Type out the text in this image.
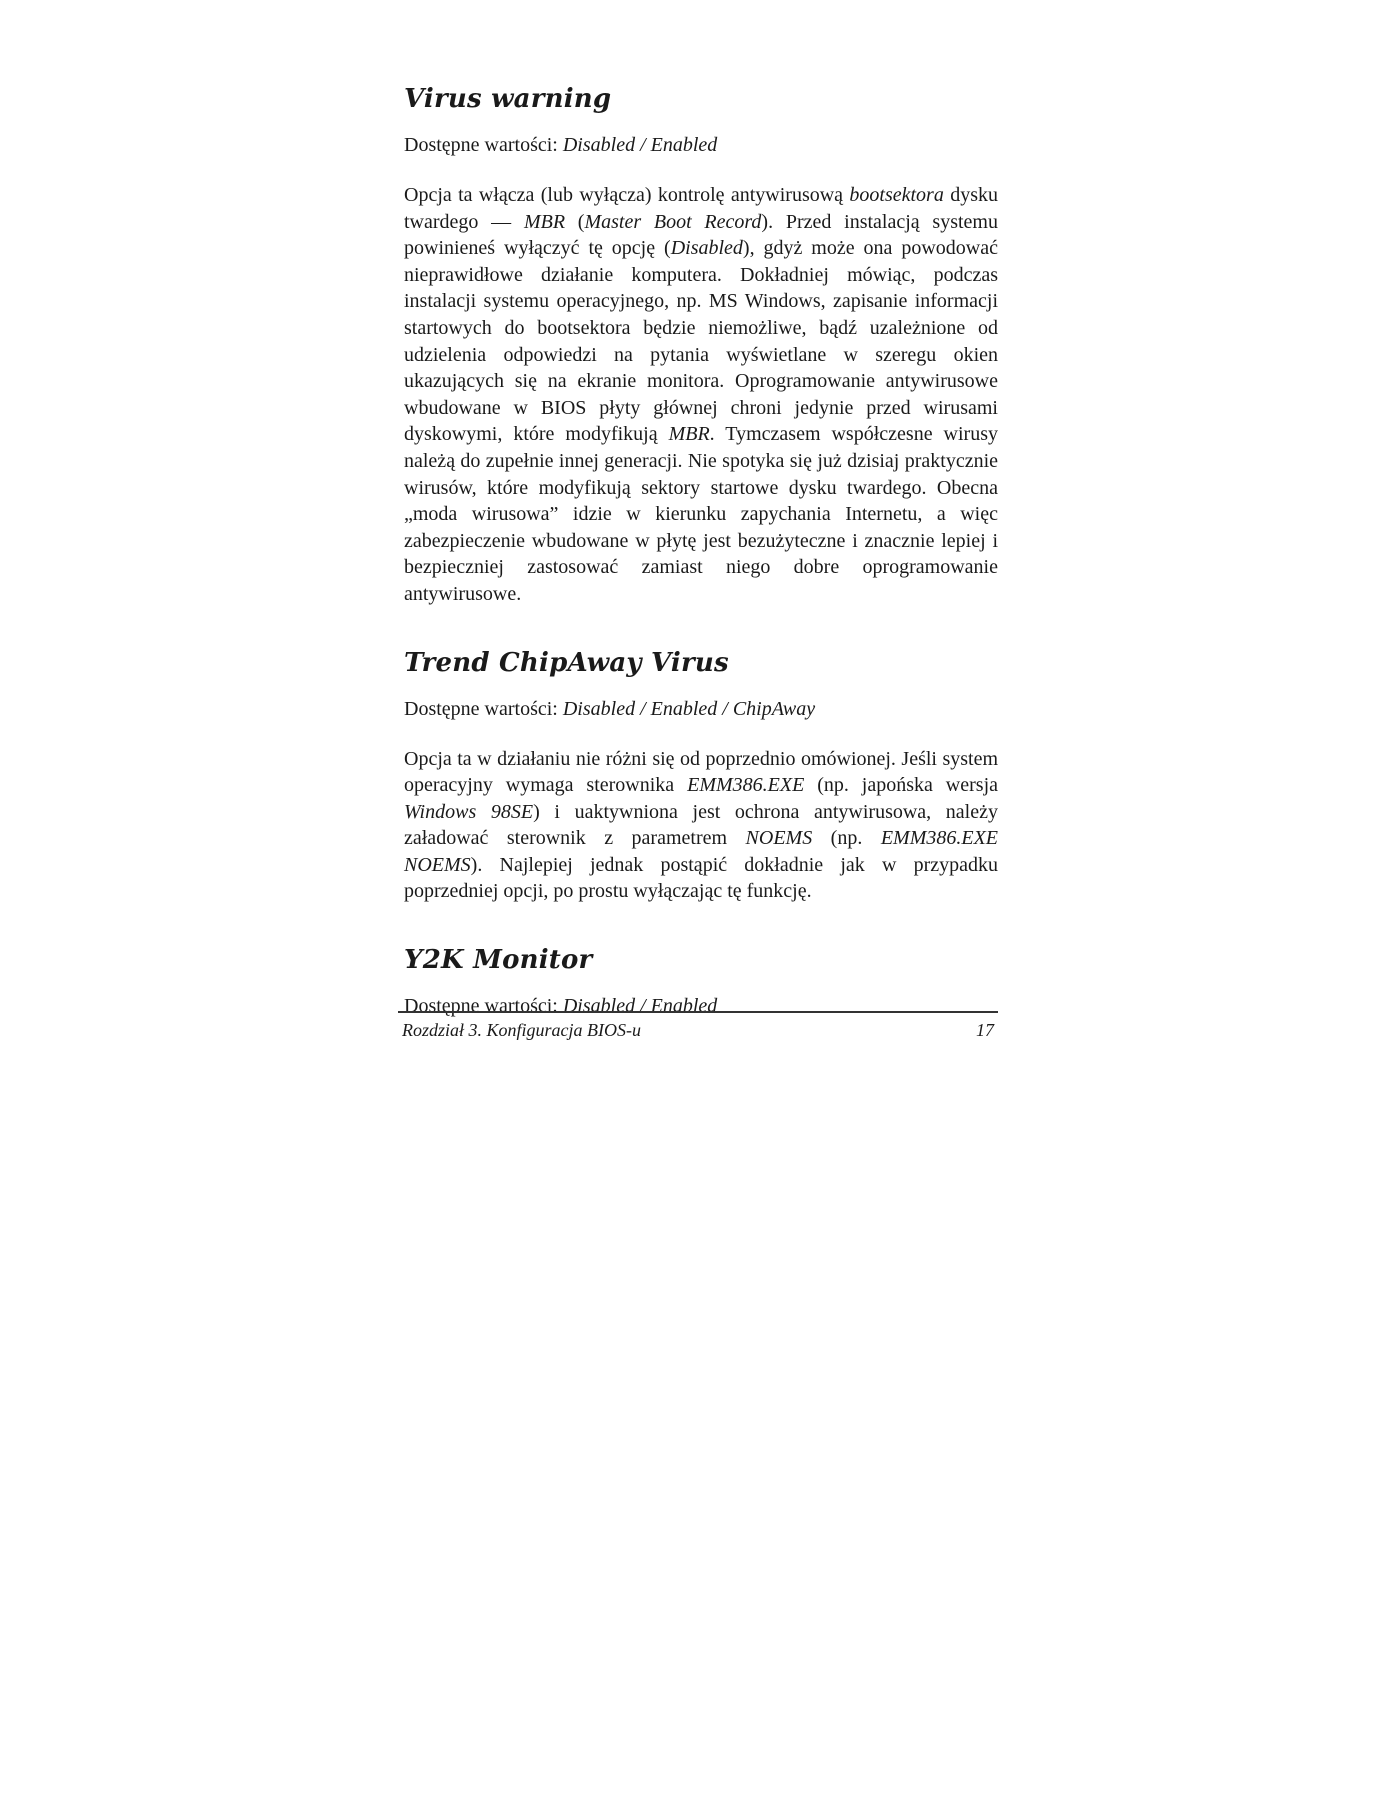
Virus warning

Dostępne wartości: Disabled / Enabled

Opcja ta włącza (lub wyłącza) kontrolę antywirusową bootsektora dysku twardego — MBR (Master Boot Record). Przed instalacją systemu powinieneś wyłączyć tę opcję (Disabled), gdyż może ona powodować nieprawidłowe działanie komputera. Dokładniej mówiąc, podczas instalacji systemu operacyjnego, np. MS Windows, zapisanie informacji startowych do bootsektora będzie niemożliwe, bądź uzależnione od udzielenia odpowiedzi na pytania wyświetlane w szeregu okien ukazujących się na ekranie monitora. Oprogramowanie antywirusowe wbudowane w BIOS płyty głównej chroni jedynie przed wirusami dyskowymi, które modyfikują MBR. Tymczasem współczesne wirusy należą do zupełnie innej generacji. Nie spotyka się już dzisiaj praktycznie wirusów, które modyfikują sektory startowe dysku twardego. Obecna „moda wirusowa” idzie w kierunku zapychania Internetu, a więc zabezpieczenie wbudowane w płytę jest bezużyteczne i znacznie lepiej i bezpieczniej zastosować zamiast niego dobre oprogramowanie antywirusowe.

Trend ChipAway Virus

Dostępne wartości: Disabled / Enabled / ChipAway

Opcja ta w działaniu nie różni się od poprzednio omówionej. Jeśli system operacyjny wymaga sterownika EMM386.EXE (np. japońska wersja Windows 98SE) i uaktywniona jest ochrona antywirusowa, należy załadować sterownik z parametrem NOEMS (np. EMM386.EXE NOEMS). Najlepiej jednak postąpić dokładnie jak w przypadku poprzedniej opcji, po prostu wyłączając tę funkcję.

Y2K Monitor

Dostępne wartości: Disabled / Enabled

Rozdział 3. Konfiguracja BIOS-u	17
